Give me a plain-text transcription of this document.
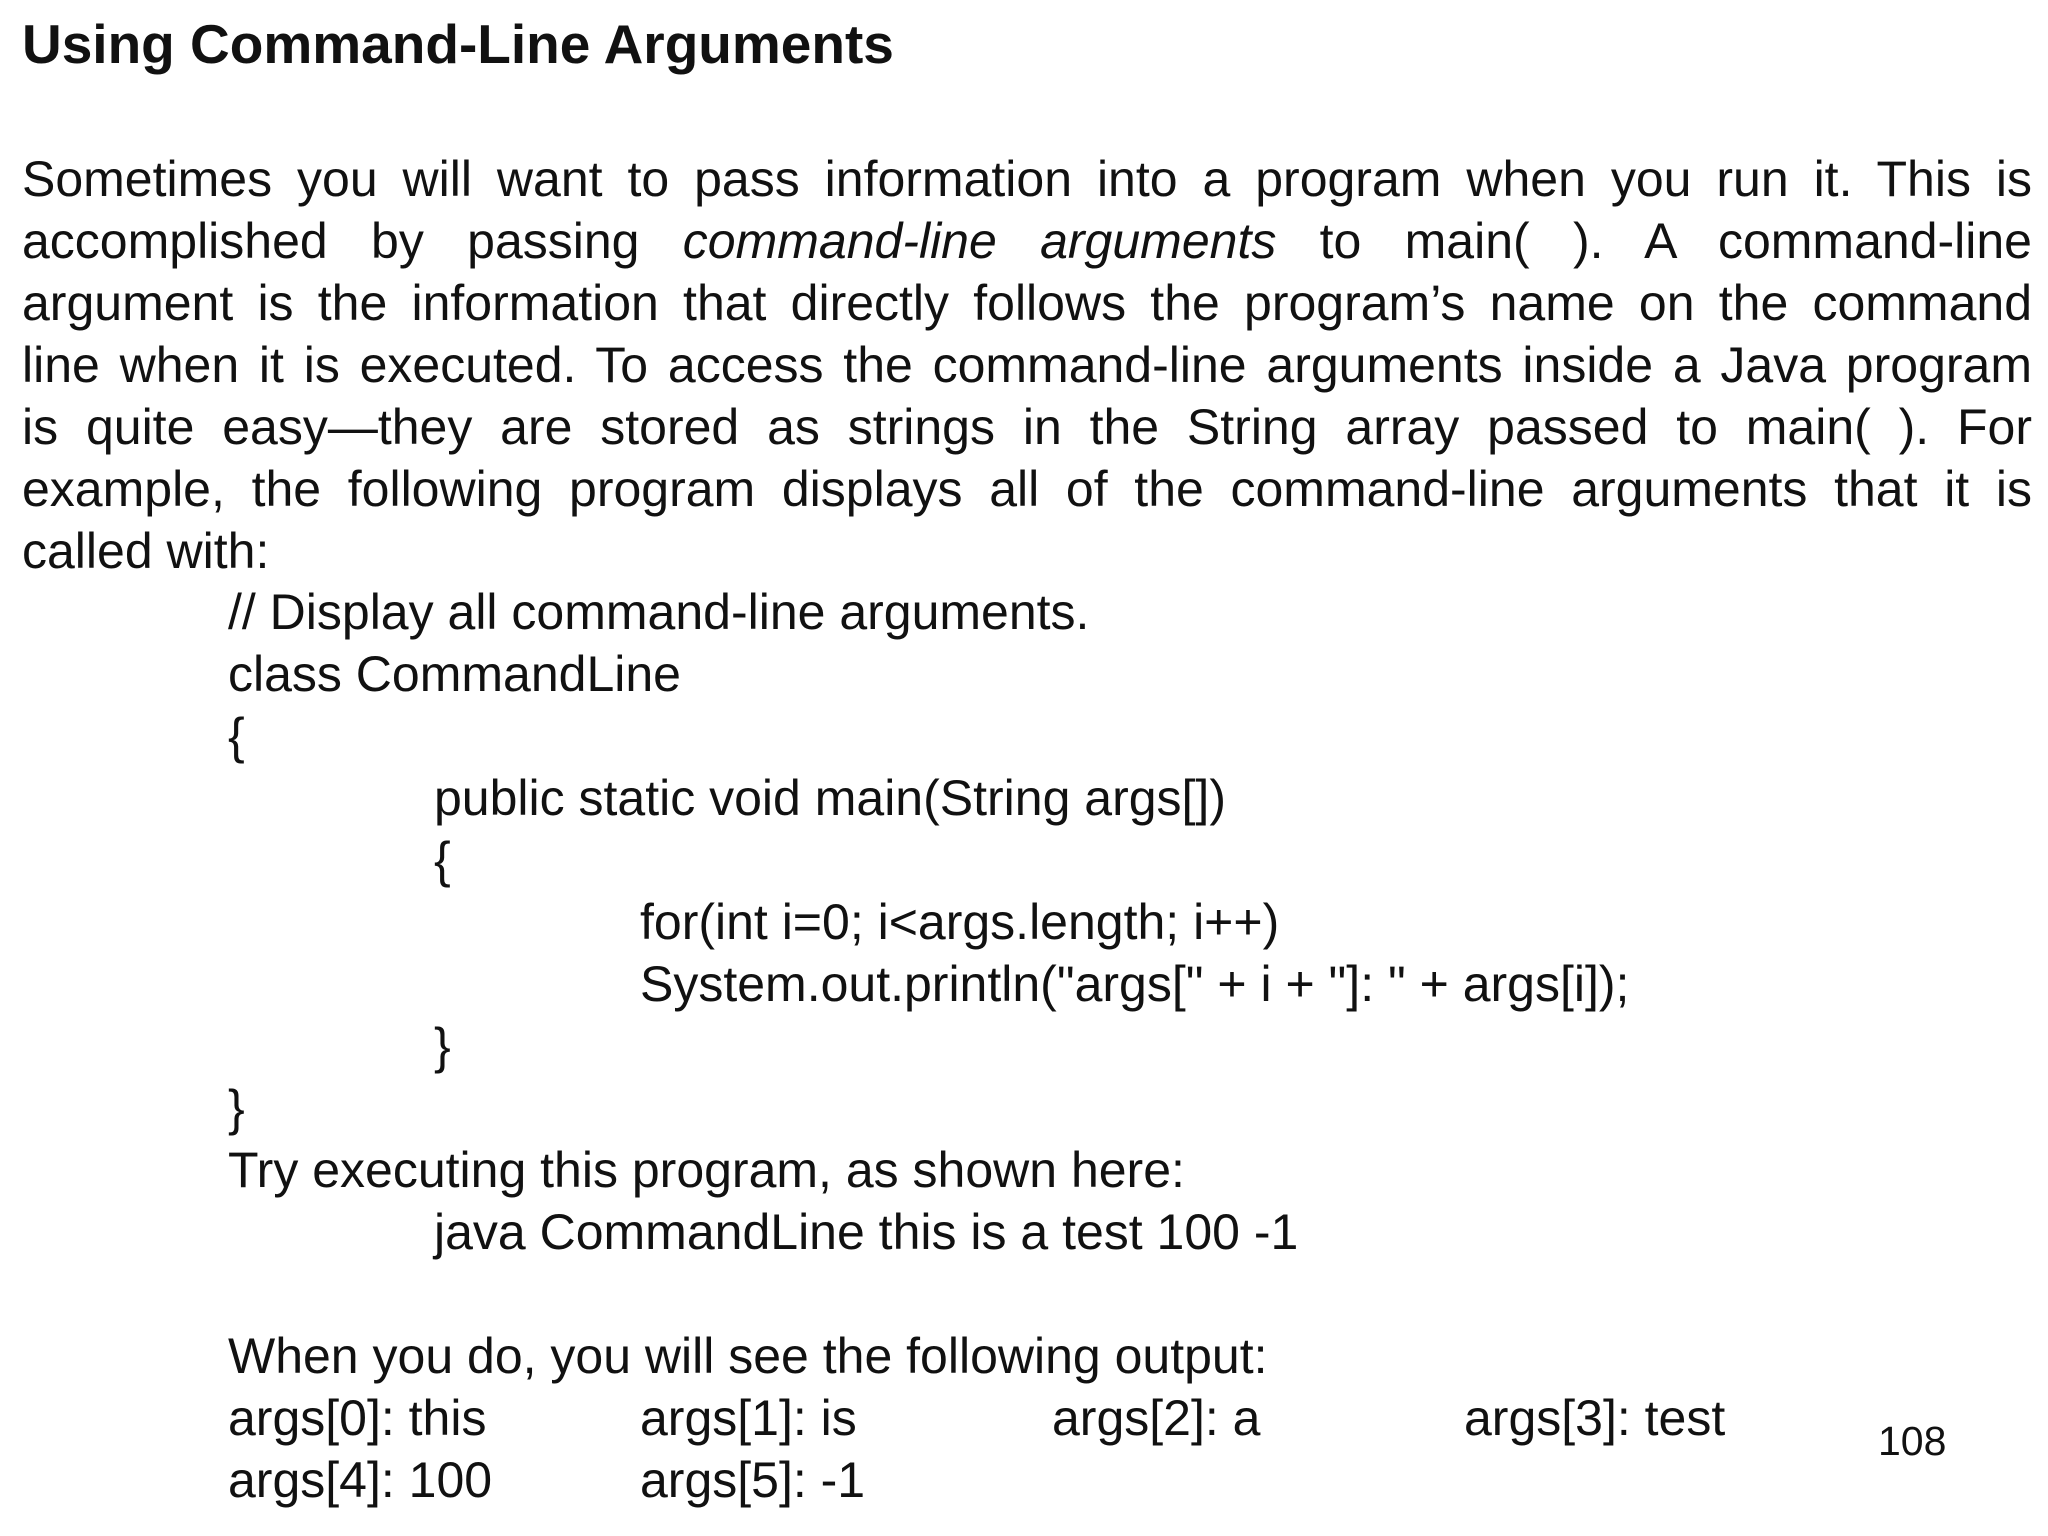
Using Command-Line Arguments
Sometimes you will want to pass information into a program when you run it. This is
accomplished by passing command-line arguments to main( ). A command-line
argument is the information that directly follows the program’s name on the command
line when it is executed. To access the command-line arguments inside a Java program
is quite easy—they are stored as strings in the String array passed to main( ). For
example, the following program displays all of the command-line arguments that it is
called with:
// Display all command-line arguments.
class CommandLine
{
public static void main(String args[])
{
for(int i=0; i<args.length; i++)
System.out.println("args[" + i + "]: " + args[i]);
}
}
Try executing this program, as shown here:
java CommandLine this is a test 100 -1
When you do, you will see the following output:
args[0]: this	args[1]: is	args[2]: a	args[3]: test
args[4]: 100	args[5]: -1
108
